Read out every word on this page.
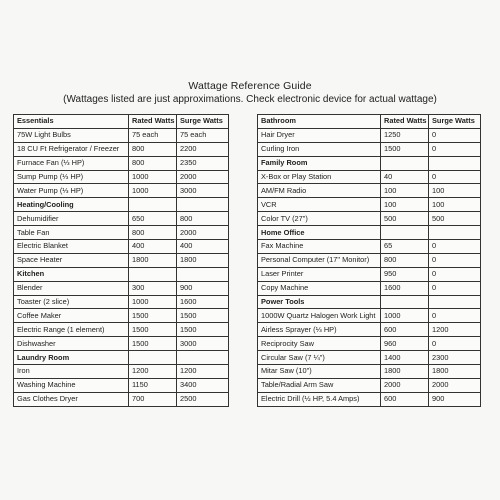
Wattage Reference Guide
(Wattages listed are just approximations. Check electronic device for actual wattage)
Essentials	Rated Watts	Surge Watts
75W Light Bulbs	75 each	75 each
18 CU Ft Refrigerator / Freezer	800	2200
Furnace Fan (⅓ HP)	800	2350
Sump Pump (⅓ HP)	1000	2000
Water Pump (⅓ HP)	1000	3000
Heating/Cooling		
Dehumidifier	650	800
Table Fan	800	2000
Electric Blanket	400	400
Space Heater	1800	1800
Kitchen		
Blender	300	900
Toaster (2 slice)	1000	1600
Coffee Maker	1500	1500
Electric Range (1 element)	1500	1500
Dishwasher	1500	3000
Laundry Room		
Iron	1200	1200
Washing Machine	1150	3400
Gas Clothes Dryer	700	2500
Bathroom	Rated Watts	Surge Watts
Hair Dryer	1250	0
Curling Iron	1500	0
Family Room		
X-Box or Play Station	40	0
AM/FM Radio	100	100
VCR	100	100
Color TV (27")	500	500
Home Office		
Fax Machine	65	0
Personal Computer (17" Monitor)	800	0
Laser Printer	950	0
Copy Machine	1600	0
Power Tools		
1000W Quartz Halogen Work Light	1000	0
Airless Sprayer (⅓ HP)	600	1200
Reciprocity Saw	960	0
Circular Saw (7 ¼")	1400	2300
Mitar Saw (10")	1800	1800
Table/Radial Arm Saw	2000	2000
Electric Drill (½ HP, 5.4 Amps)	600	900
